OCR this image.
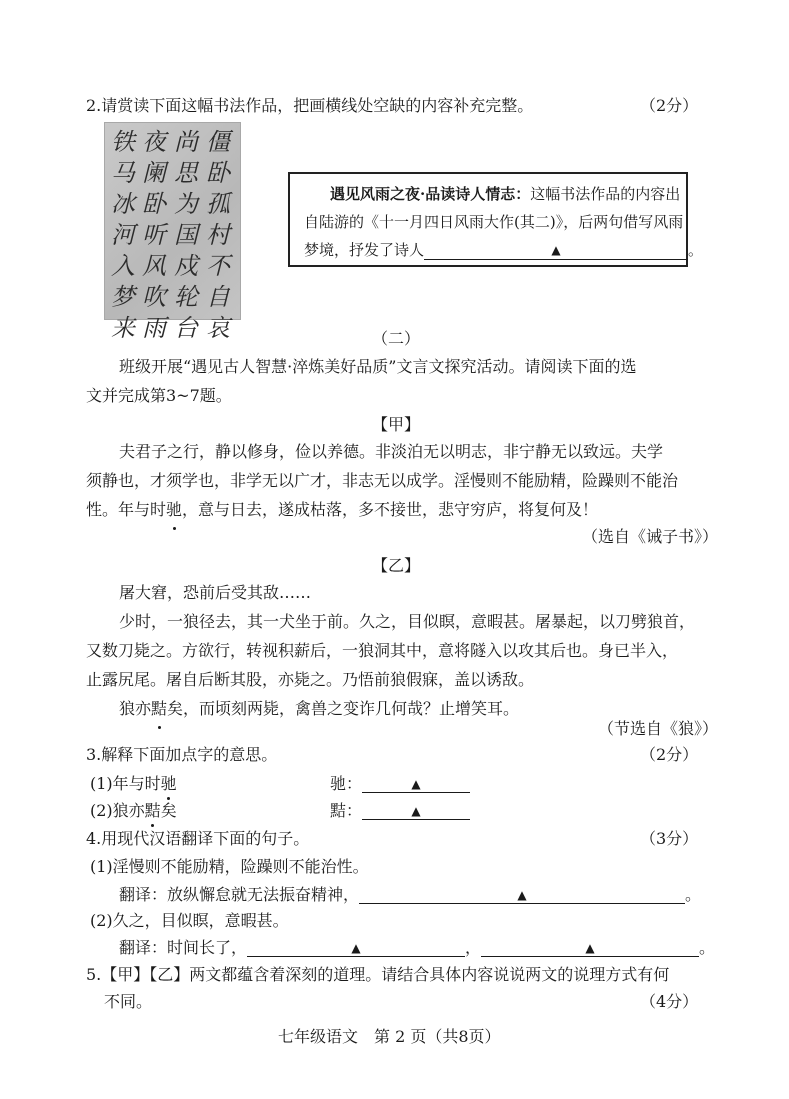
2.请赏读下面这幅书法作品，把画横线处空缺的内容补充完整。	（2分）
僵卧孤村不自哀
尚思为国戍轮台
夜阑卧听风吹雨
铁马冰河入梦来
遇见风雨之夜·品读诗人情志：这幅书法作品的内容出
自陆游的《十一月四日风雨大作(其二)》，后两句借写风雨
梦境，抒发了诗人	▲	。
（二）
班级开展“遇见古人智慧·淬炼美好品质”文言文探究活动。请阅读下面的选
文并完成第3~7题。
【甲】
夫君子之行，静以修身，俭以养德。非淡泊无以明志，非宁静无以致远。夫学
须静也，才须学也，非学无以广才，非志无以成学。淫慢则不能励精，险躁则不能治
性。年与时驰，意与日去，遂成枯落，多不接世，悲守穷庐，将复何及！
（选自《诫子书》）
【乙】
屠大窘，恐前后受其敌……
少时，一狼径去，其一犬坐于前。久之，目似瞑，意暇甚。屠暴起，以刀劈狼首，
又数刀毙之。方欲行，转视积薪后，一狼洞其中，意将隧入以攻其后也。身已半入，
止露尻尾。屠自后断其股，亦毙之。乃悟前狼假寐，盖以诱敌。
狼亦黠矣，而顷刻两毙，禽兽之变诈几何哉？止增笑耳。
（节选自《狼》）
3.解释下面加点字的意思。	（2分）
(1)年与时驰	驰：	▲
(2)狼亦黠矣	黠：	▲
4.用现代汉语翻译下面的句子。	（3分）
(1)淫慢则不能励精，险躁则不能治性。
翻译：放纵懈怠就无法振奋精神，	▲	。
(2)久之，目似瞑，意暇甚。
翻译：时间长了，	▲	，	▲	。
5.【甲】【乙】两文都蕴含着深刻的道理。请结合具体内容说说两文的说理方式有何
不同。	（4分）
七年级语文　第 2 页（共8页）
